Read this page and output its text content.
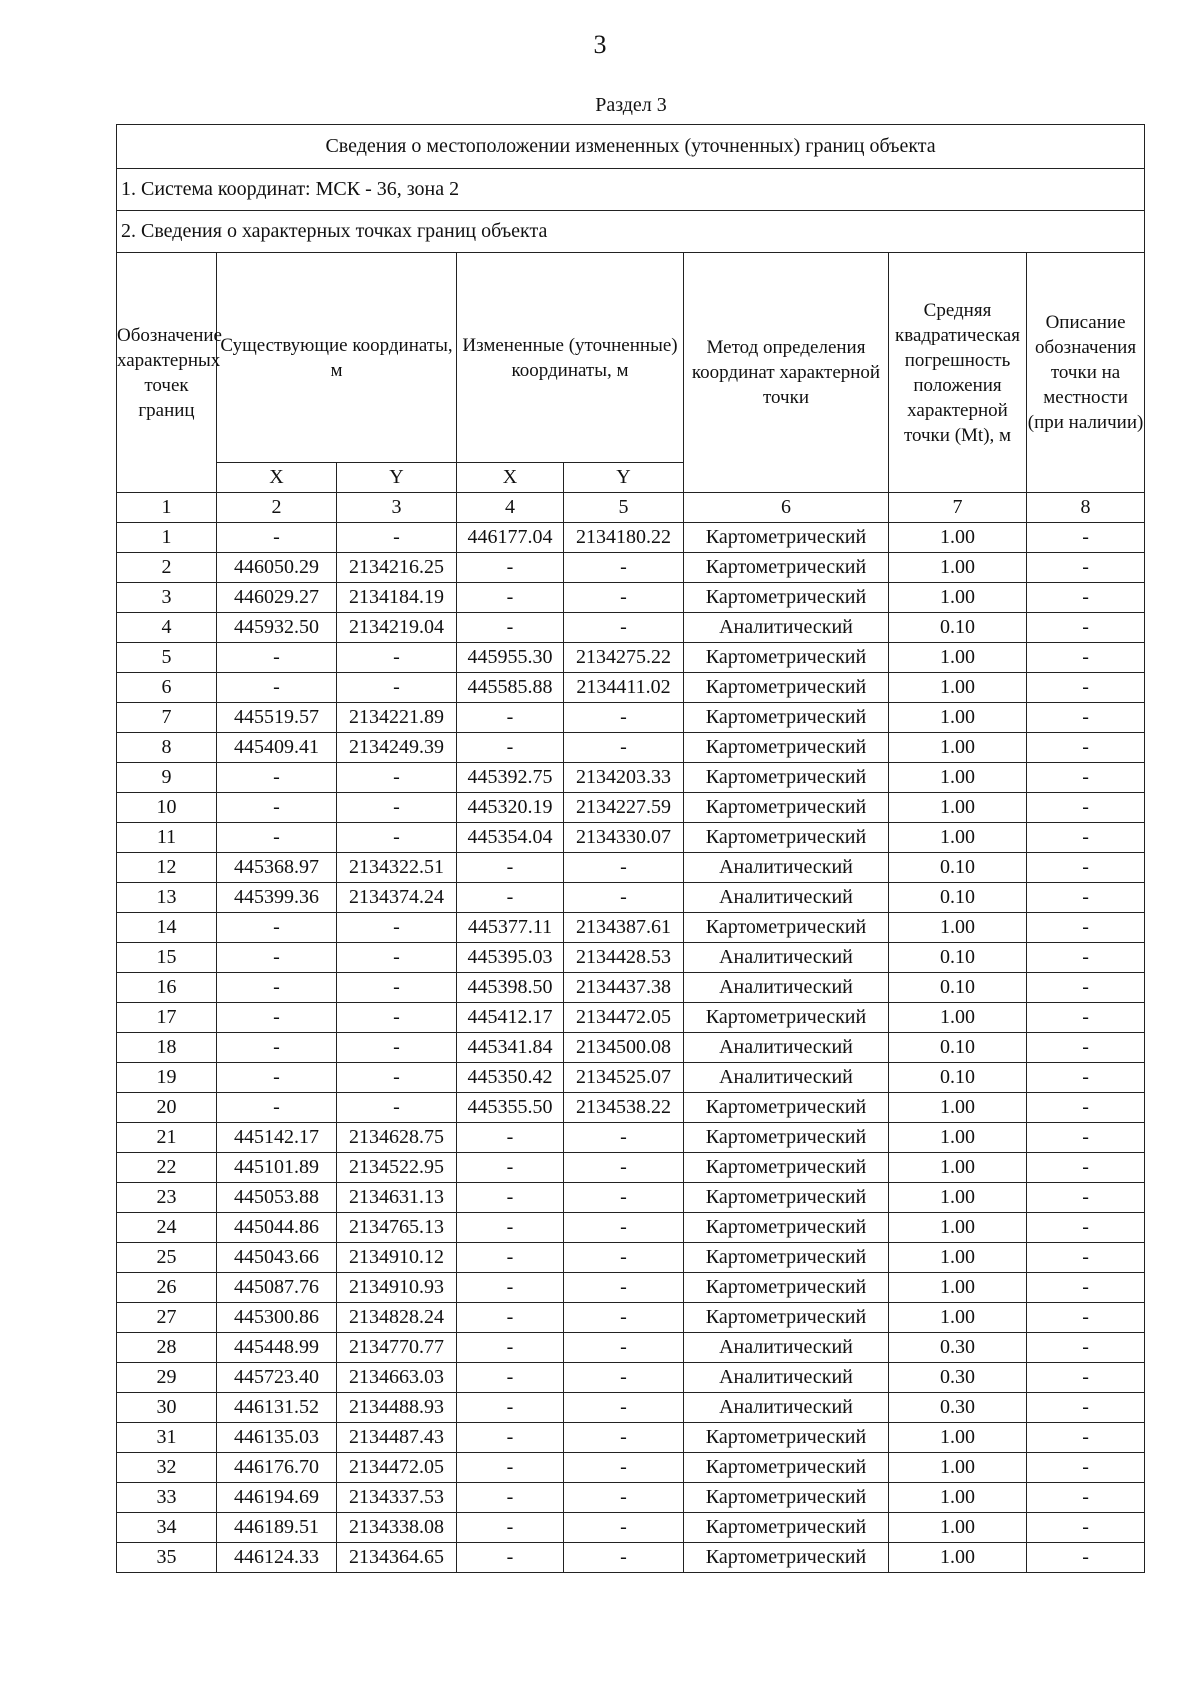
3
Раздел 3
Сведения о местоположении измененных (уточненных) границ объекта							
1. Система координат: МСК - 36, зона 2							
2. Сведения о характерных точках границ объекта							
Обозначение характерных точек границ	Существующие координаты, м		Измененные (уточненные) координаты, м		Метод определения координат характерной точки	Средняя квадратическая погрешность положения характерной точки (Mt), м	Описание обозначения точки на местности (при наличии)
	X	Y	X	Y			
1	2	3	4	5	6	7	8
1	-	-	446177.04	2134180.22	Картометрический	1.00	-
2	446050.29	2134216.25	-	-	Картометрический	1.00	-
3	446029.27	2134184.19	-	-	Картометрический	1.00	-
4	445932.50	2134219.04	-	-	Аналитический	0.10	-
5	-	-	445955.30	2134275.22	Картометрический	1.00	-
6	-	-	445585.88	2134411.02	Картометрический	1.00	-
7	445519.57	2134221.89	-	-	Картометрический	1.00	-
8	445409.41	2134249.39	-	-	Картометрический	1.00	-
9	-	-	445392.75	2134203.33	Картометрический	1.00	-
10	-	-	445320.19	2134227.59	Картометрический	1.00	-
11	-	-	445354.04	2134330.07	Картометрический	1.00	-
12	445368.97	2134322.51	-	-	Аналитический	0.10	-
13	445399.36	2134374.24	-	-	Аналитический	0.10	-
14	-	-	445377.11	2134387.61	Картометрический	1.00	-
15	-	-	445395.03	2134428.53	Аналитический	0.10	-
16	-	-	445398.50	2134437.38	Аналитический	0.10	-
17	-	-	445412.17	2134472.05	Картометрический	1.00	-
18	-	-	445341.84	2134500.08	Аналитический	0.10	-
19	-	-	445350.42	2134525.07	Аналитический	0.10	-
20	-	-	445355.50	2134538.22	Картометрический	1.00	-
21	445142.17	2134628.75	-	-	Картометрический	1.00	-
22	445101.89	2134522.95	-	-	Картометрический	1.00	-
23	445053.88	2134631.13	-	-	Картометрический	1.00	-
24	445044.86	2134765.13	-	-	Картометрический	1.00	-
25	445043.66	2134910.12	-	-	Картометрический	1.00	-
26	445087.76	2134910.93	-	-	Картометрический	1.00	-
27	445300.86	2134828.24	-	-	Картометрический	1.00	-
28	445448.99	2134770.77	-	-	Аналитический	0.30	-
29	445723.40	2134663.03	-	-	Аналитический	0.30	-
30	446131.52	2134488.93	-	-	Аналитический	0.30	-
31	446135.03	2134487.43	-	-	Картометрический	1.00	-
32	446176.70	2134472.05	-	-	Картометрический	1.00	-
33	446194.69	2134337.53	-	-	Картометрический	1.00	-
34	446189.51	2134338.08	-	-	Картометрический	1.00	-
35	446124.33	2134364.65	-	-	Картометрический	1.00	-
